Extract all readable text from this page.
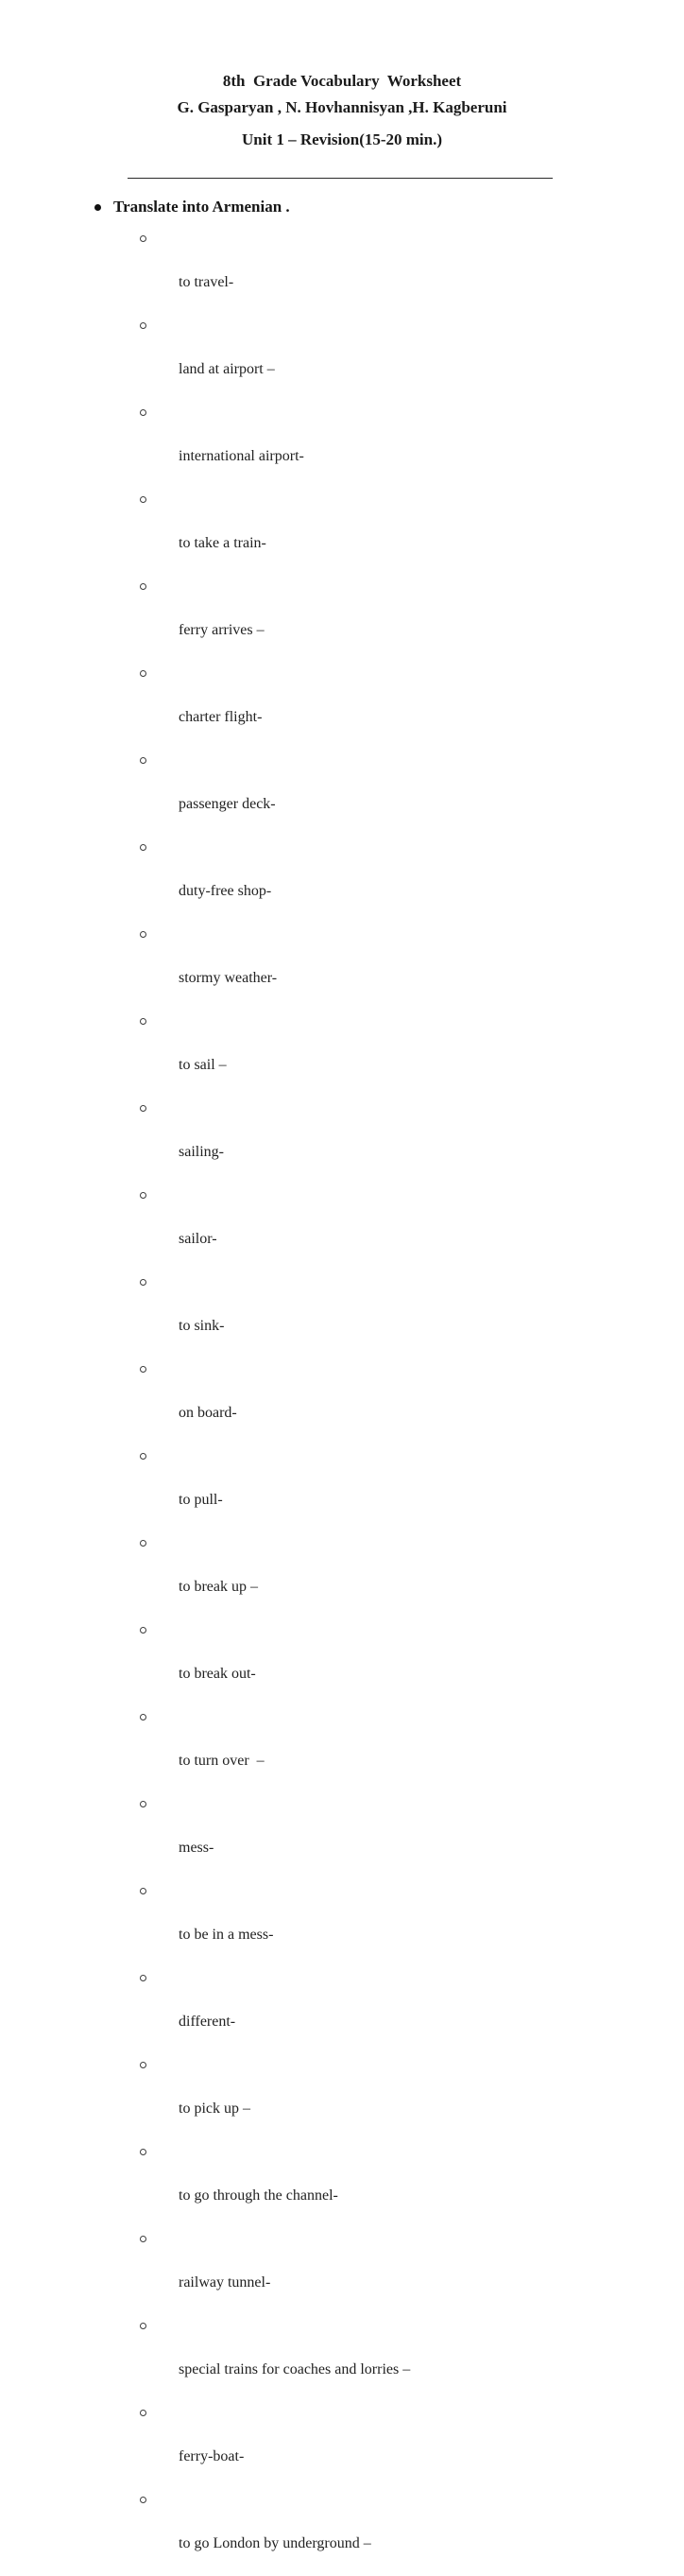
8th  Grade Vocabulary  Worksheet

G. Gasparyan , N. Hovhannisyan ,H. Kagberuni

Unit 1 – Revision(15-20 min.)

Translate into Armenian .

to travel-

land at airport –

international airport-

to take a train-

ferry arrives –

charter flight-

passenger deck-

duty-free shop-

stormy weather-

to sail –

sailing-

sailor-

to sink-

on board-

to pull-

to break up –

to break out-

to turn over  –

mess-

to be in a mess-

different-

to pick up –

to go through the channel-

railway tunnel-

special trains for coaches and lorries –

ferry-boat-

to go London by underground –
